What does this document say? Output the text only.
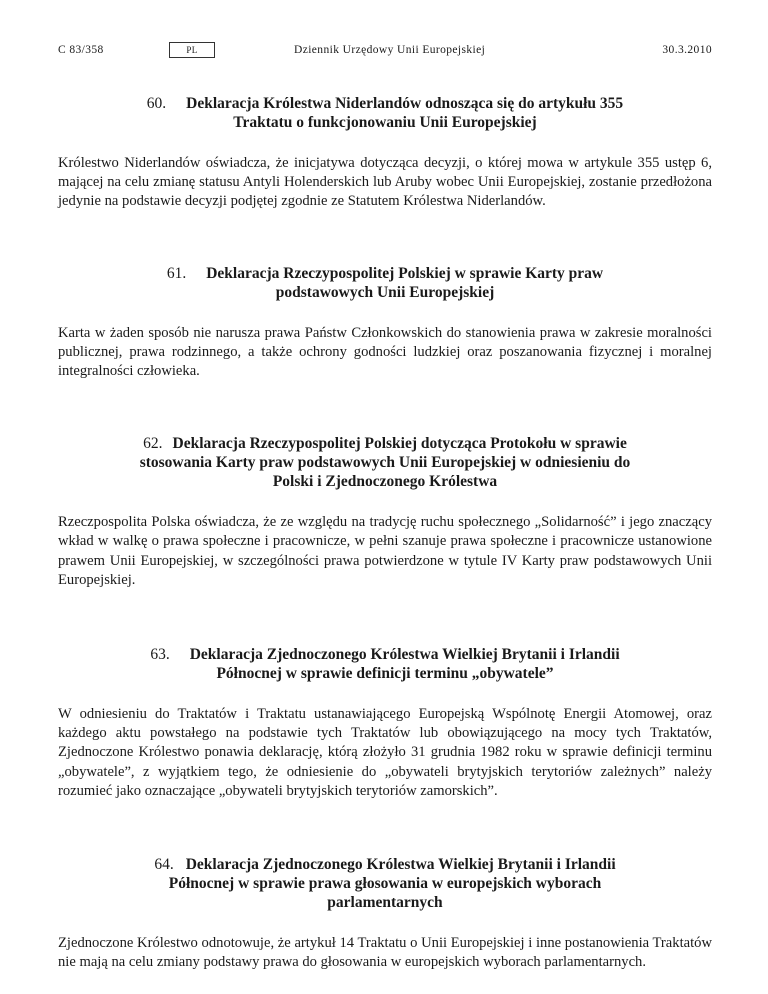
C 83/358	PL	Dziennik Urzędowy Unii Europejskiej	30.3.2010
60. Deklaracja Królestwa Niderlandów odnosząca się do artykułu 355
Traktatu o funkcjonowaniu Unii Europejskiej
Królestwo Niderlandów oświadcza, że inicjatywa dotycząca decyzji, o której mowa w artykule 355 ustęp 6, mającej na celu zmianę statusu Antyli Holenderskich lub Aruby wobec Unii Europejskiej, zostanie przedłożona jedynie na podstawie decyzji podjętej zgodnie ze Statutem Królestwa Niderlandów.
61. Deklaracja Rzeczypospolitej Polskiej w sprawie Karty praw
podstawowych Unii Europejskiej
Karta w żaden sposób nie narusza prawa Państw Członkowskich do stanowienia prawa w zakresie moralności publicznej, prawa rodzinnego, a także ochrony godności ludzkiej oraz poszanowania fizycznej i moralnej integralności człowieka.
62. Deklaracja Rzeczypospolitej Polskiej dotycząca Protokołu w sprawie
stosowania Karty praw podstawowych Unii Europejskiej w odniesieniu do
Polski i Zjednoczonego Królestwa
Rzeczpospolita Polska oświadcza, że ze względu na tradycję ruchu społecznego „Solidarność” i jego znaczący wkład w walkę o prawa społeczne i pracownicze, w pełni szanuje prawa społeczne i pracownicze ustanowione prawem Unii Europejskiej, w szczególności prawa potwierdzone w tytule IV Karty praw podstawowych Unii Europejskiej.
63. Deklaracja Zjednoczonego Królestwa Wielkiej Brytanii i Irlandii
Północnej w sprawie definicji terminu „obywatele”
W odniesieniu do Traktatów i Traktatu ustanawiającego Europejską Wspólnotę Energii Atomowej, oraz każdego aktu powstałego na podstawie tych Traktatów lub obowiązującego na mocy tych Traktatów, Zjednoczone Królestwo ponawia deklarację, którą złożyło 31 grudnia 1982 roku w sprawie definicji terminu „obywatele”, z wyjątkiem tego, że odniesienie do „obywateli brytyjskich terytoriów zależnych” należy rozumieć jako oznaczające „obywateli brytyjskich terytoriów zamorskich”.
64. Deklaracja Zjednoczonego Królestwa Wielkiej Brytanii i Irlandii
Północnej w sprawie prawa głosowania w europejskich wyborach
parlamentarnych
Zjednoczone Królestwo odnotowuje, że artykuł 14 Traktatu o Unii Europejskiej i inne postanowienia Traktatów nie mają na celu zmiany podstawy prawa do głosowania w europejskich wyborach parlamentarnych.
